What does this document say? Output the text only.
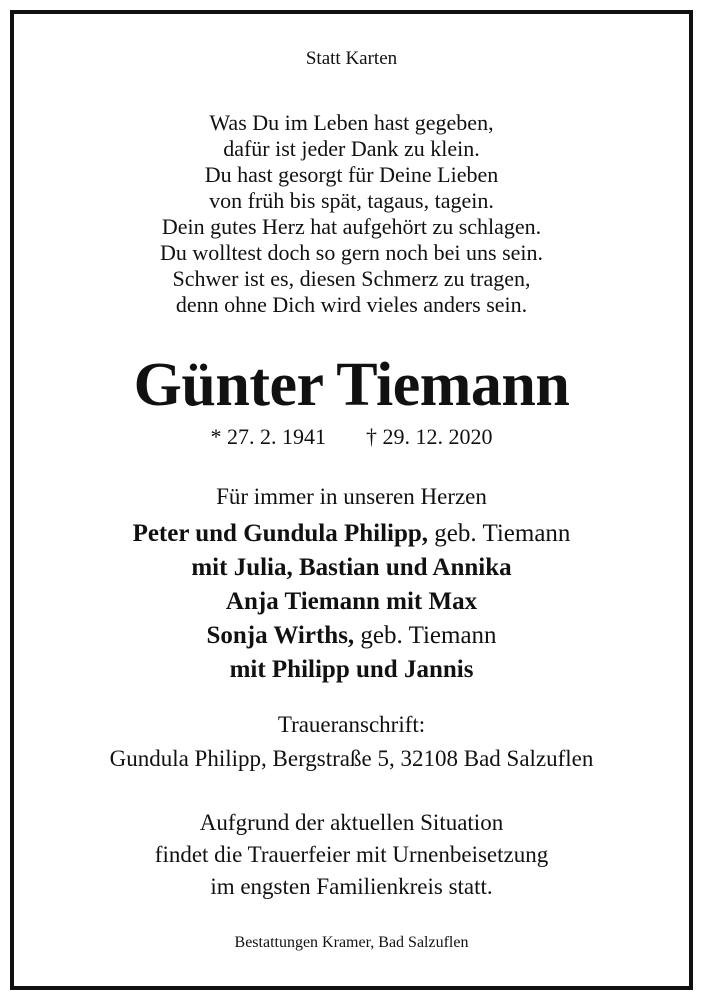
Statt Karten
Was Du im Leben hast gegeben,
dafür ist jeder Dank zu klein.
Du hast gesorgt für Deine Lieben
von früh bis spät, tagaus, tagein.
Dein gutes Herz hat aufgehört zu schlagen.
Du wolltest doch so gern noch bei uns sein.
Schwer ist es, diesen Schmerz zu tragen,
denn ohne Dich wird vieles anders sein.
Günter Tiemann
* 27. 2. 1941 † 29. 12. 2020
Für immer in unseren Herzen
Peter und Gundula Philipp, geb. Tiemann
mit Julia, Bastian und Annika
Anja Tiemann mit Max
Sonja Wirths, geb. Tiemann
mit Philipp und Jannis
Traueranschrift:
Gundula Philipp, Bergstraße 5, 32108 Bad Salzuflen
Aufgrund der aktuellen Situation
findet die Trauerfeier mit Urnenbeisetzung
im engsten Familienkreis statt.
Bestattungen Kramer, Bad Salzuflen
